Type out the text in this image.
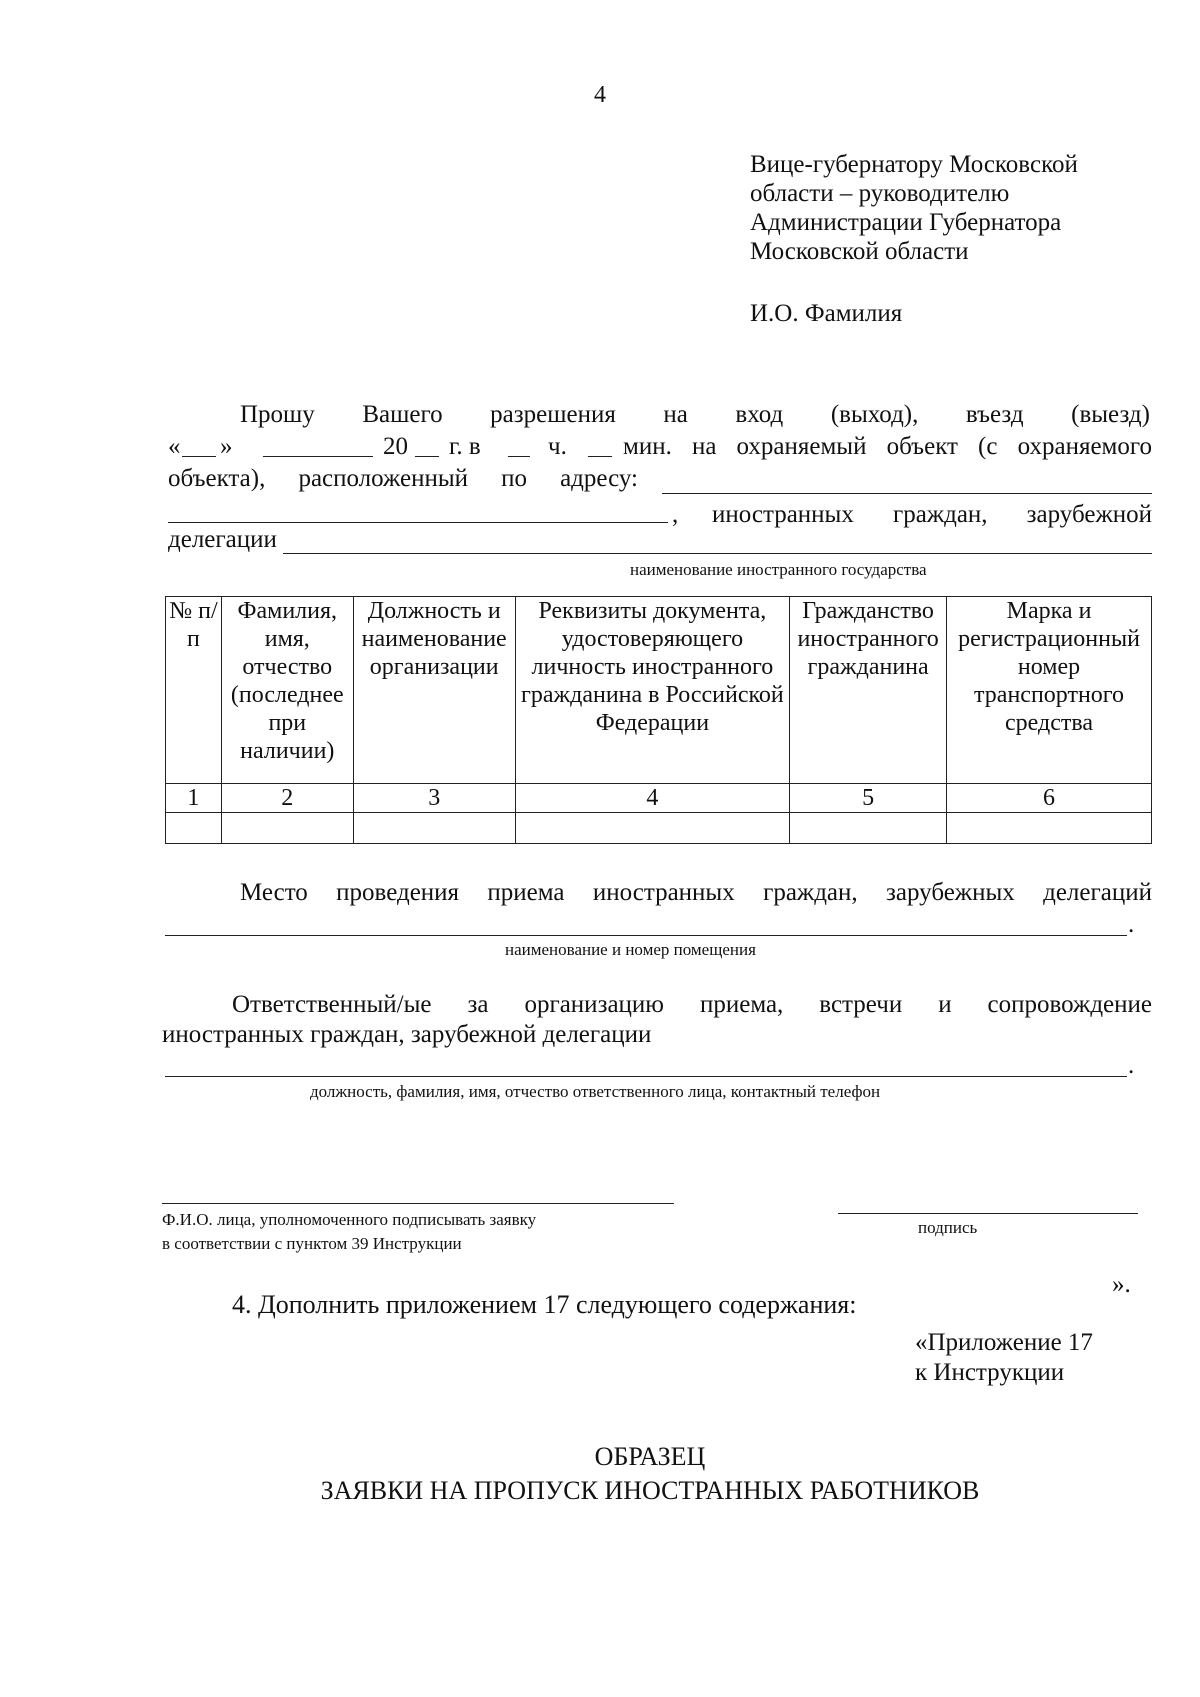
4
Вице-губернатору Московской
области – руководителю
Администрации Губернатора
Московской области
И.О. Фамилия
Прошу Вашего разрешения на вход (выход), въезд (выезд)
« »	20 г. в	ч. мин. на охраняемый объект (с охраняемого
объекта), расположенный по адресу:
, иностранных граждан, зарубежной
делегации
наименование иностранного государства
№ п/п	Фамилия, имя, отчество (последнее при наличии)	Должность и наименование организации	Реквизиты документа, удостоверяющего личность иностранного гражданина в Российской Федерации	Гражданство иностранного гражданина	Марка и регистрационный номер транспортного средства
1	2	3	4	5	6

Место проведения приема иностранных граждан, зарубежных делегаций
.
наименование и номер помещения
Ответственный/ые за организацию приема, встречи и сопровождение
иностранных граждан, зарубежной делегации
.
должность, фамилия, имя, отчество ответственного лица, контактный телефон
Ф.И.О. лица, уполномоченного подписывать заявку
в соответствии с пунктом 39 Инструкции
подпись
».
4. Дополнить приложением 17 следующего содержания:
«Приложение 17
к Инструкции
ОБРАЗЕЦ
ЗАЯВКИ НА ПРОПУСК ИНОСТРАННЫХ РАБОТНИКОВ
